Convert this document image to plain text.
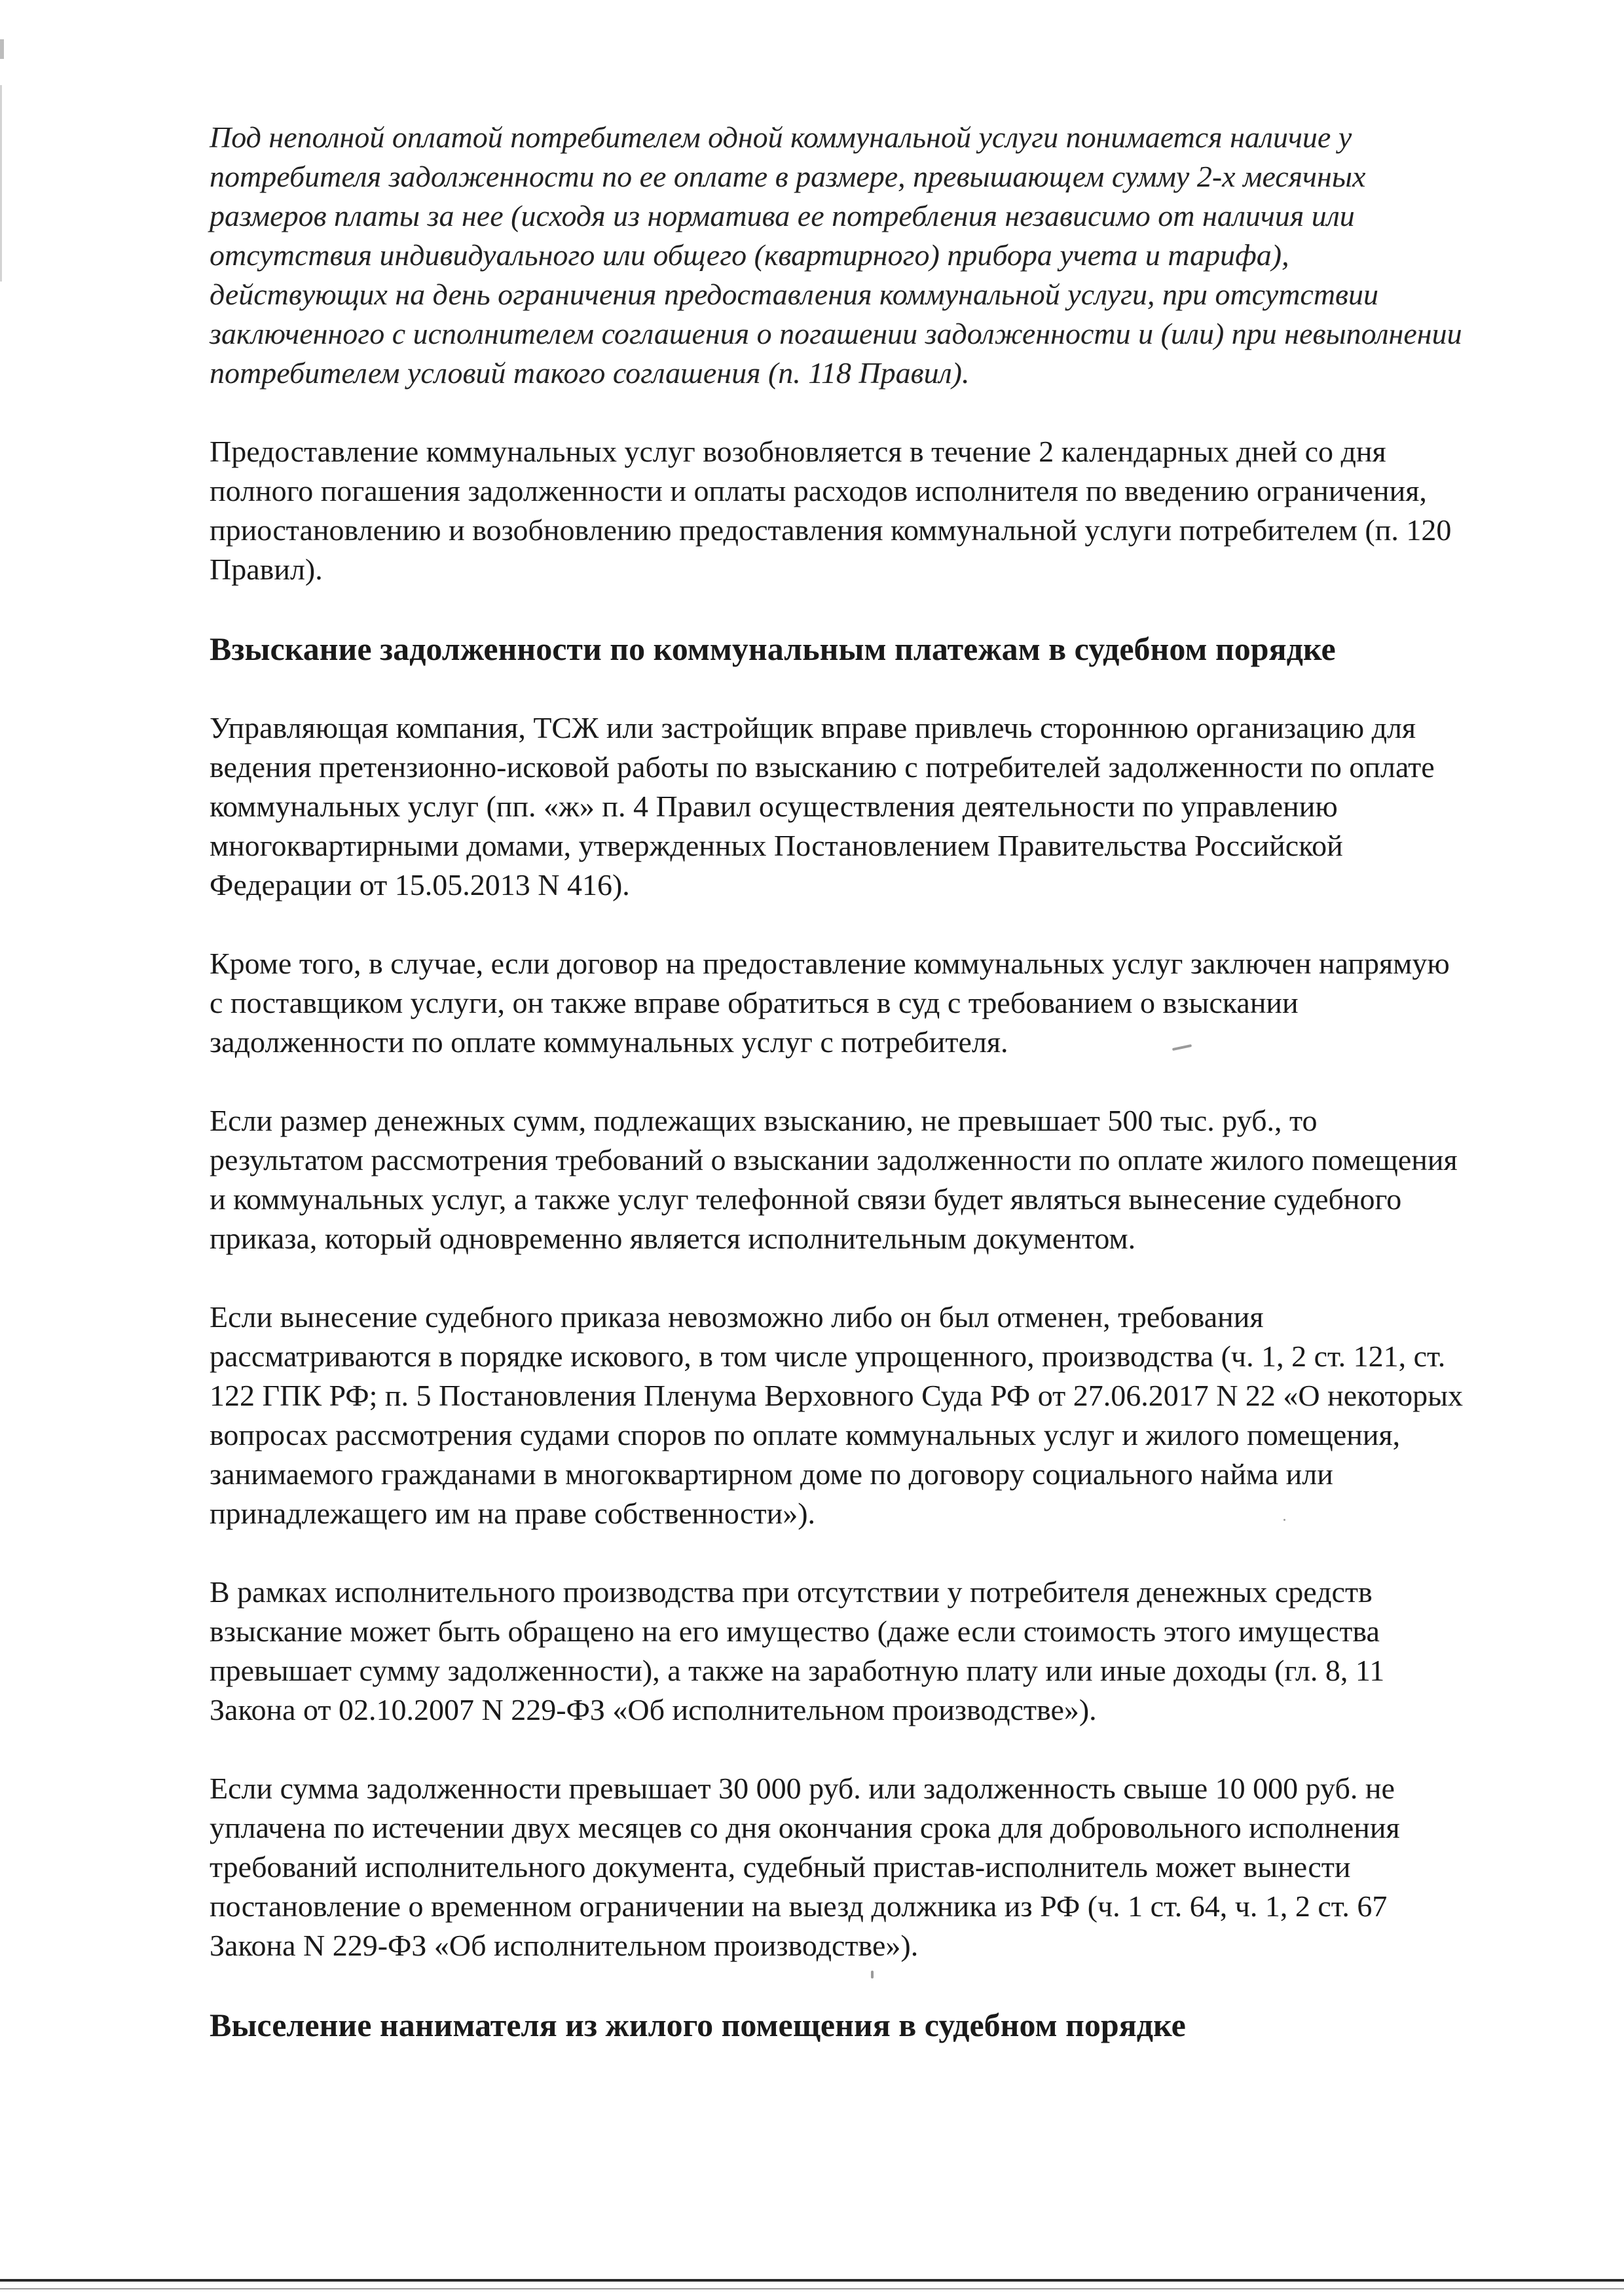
Под неполной оплатой потребителем одной коммунальной услуги понимается наличие у потребителя задолженности по ее оплате в размере, превышающем сумму 2-х месячных размеров платы за нее (исходя из норматива ее потребления независимо от наличия или отсутствия индивидуального или общего (квартирного) прибора учета и тарифа), действующих на день ограничения предоставления коммунальной услуги, при отсутствии заключенного с исполнителем соглашения о погашении задолженности и (или) при невыполнении потребителем условий такого соглашения (п. 118 Правил).

Предоставление коммунальных услуг возобновляется в течение 2 календарных дней со дня полного погашения задолженности и оплаты расходов исполнителя по введению ограничения, приостановлению и возобновлению предоставления коммунальной услуги потребителем (п. 120 Правил).

Взыскание задолженности по коммунальным платежам в судебном порядке

Управляющая компания, ТСЖ или застройщик вправе привлечь стороннюю организацию для ведения претензионно-исковой работы по взысканию с потребителей задолженности по оплате коммунальных услуг (пп. «ж» п. 4 Правил осуществления деятельности по управлению многоквартирными домами, утвержденных Постановлением Правительства Российской Федерации от 15.05.2013 N 416).

Кроме того, в случае, если договор на предоставление коммунальных услуг заключен напрямую с поставщиком услуги, он также вправе обратиться в суд с требованием о взыскании задолженности по оплате коммунальных услуг с потребителя.

Если размер денежных сумм, подлежащих взысканию, не превышает 500 тыс. руб., то результатом рассмотрения требований о взыскании задолженности по оплате жилого помещения и коммунальных услуг, а также услуг телефонной связи будет являться вынесение судебного приказа, который одновременно является исполнительным документом.

Если вынесение судебного приказа невозможно либо он был отменен, требования рассматриваются в порядке искового, в том числе упрощенного, производства (ч. 1, 2 ст. 121, ст. 122 ГПК РФ; п. 5 Постановления Пленума Верховного Суда РФ от 27.06.2017 N 22 «О некоторых вопросах рассмотрения судами споров по оплате коммунальных услуг и жилого помещения, занимаемого гражданами в многоквартирном доме по договору социального найма или принадлежащего им на праве собственности»).

В рамках исполнительного производства при отсутствии у потребителя денежных средств взыскание может быть обращено на его имущество (даже если стоимость этого имущества превышает сумму задолженности), а также на заработную плату или иные доходы (гл. 8, 11 Закона от 02.10.2007 N 229-ФЗ «Об исполнительном производстве»).

Если сумма задолженности превышает 30 000 руб. или задолженность свыше 10 000 руб. не уплачена по истечении двух месяцев со дня окончания срока для добровольного исполнения требований исполнительного документа, судебный пристав-исполнитель может вынести постановление о временном ограничении на выезд должника из РФ (ч. 1 ст. 64, ч. 1, 2 ст. 67 Закона N 229-ФЗ «Об исполнительном производстве»).

Выселение нанимателя из жилого помещения в судебном порядке
